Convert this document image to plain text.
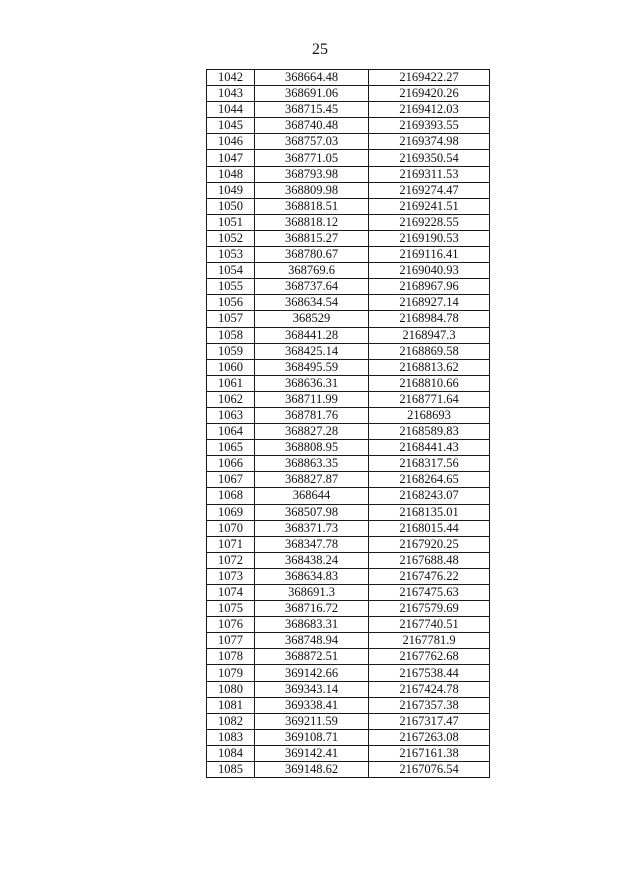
25
1042	368664.48	2169422.27
1043	368691.06	2169420.26
1044	368715.45	2169412.03
1045	368740.48	2169393.55
1046	368757.03	2169374.98
1047	368771.05	2169350.54
1048	368793.98	2169311.53
1049	368809.98	2169274.47
1050	368818.51	2169241.51
1051	368818.12	2169228.55
1052	368815.27	2169190.53
1053	368780.67	2169116.41
1054	368769.6	2169040.93
1055	368737.64	2168967.96
1056	368634.54	2168927.14
1057	368529	2168984.78
1058	368441.28	2168947.3
1059	368425.14	2168869.58
1060	368495.59	2168813.62
1061	368636.31	2168810.66
1062	368711.99	2168771.64
1063	368781.76	2168693
1064	368827.28	2168589.83
1065	368808.95	2168441.43
1066	368863.35	2168317.56
1067	368827.87	2168264.65
1068	368644	2168243.07
1069	368507.98	2168135.01
1070	368371.73	2168015.44
1071	368347.78	2167920.25
1072	368438.24	2167688.48
1073	368634.83	2167476.22
1074	368691.3	2167475.63
1075	368716.72	2167579.69
1076	368683.31	2167740.51
1077	368748.94	2167781.9
1078	368872.51	2167762.68
1079	369142.66	2167538.44
1080	369343.14	2167424.78
1081	369338.41	2167357.38
1082	369211.59	2167317.47
1083	369108.71	2167263.08
1084	369142.41	2167161.38
1085	369148.62	2167076.54
